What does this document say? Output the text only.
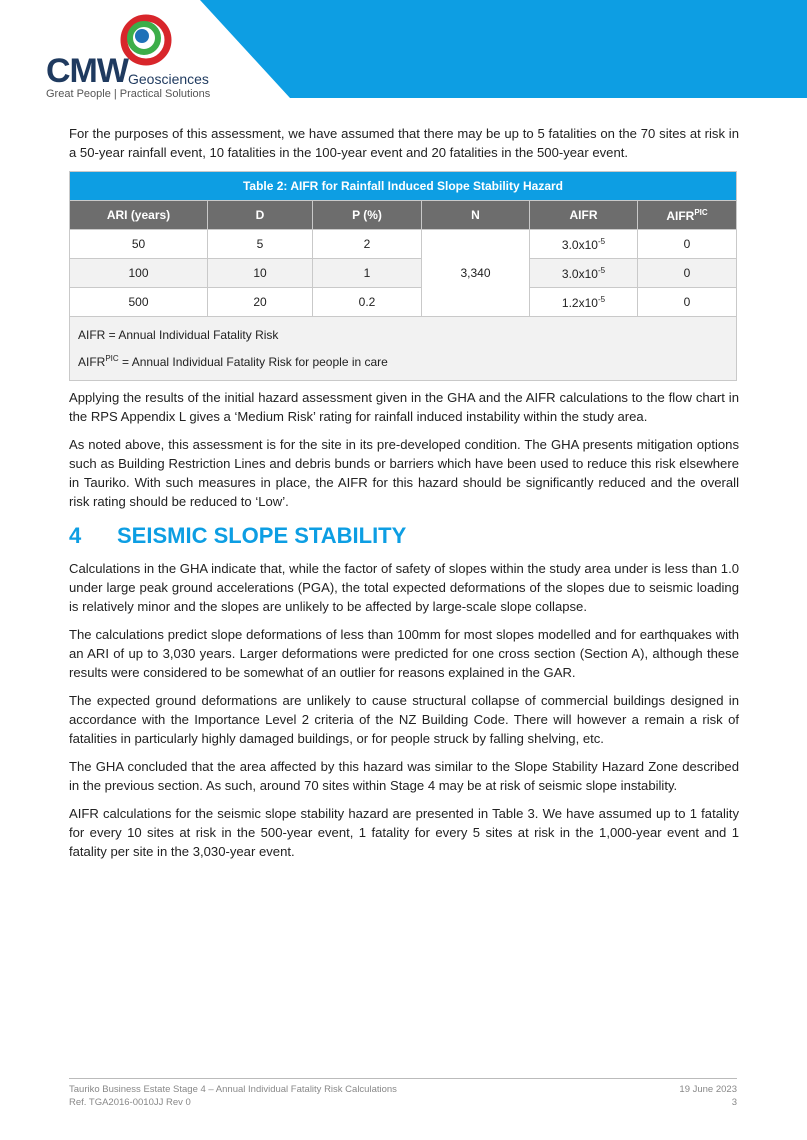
CMW Geosciences
Great People | Practical Solutions

For the purposes of this assessment, we have assumed that there may be up to 5 fatalities on the 70 sites at risk in a 50-year rainfall event, 10 fatalities in the 100-year event and 20 fatalities in the 500-year event.

Table 2: AIFR for Rainfall Induced Slope Stability Hazard					
ARI (years)	D	P (%)	N	AIFR	$AIFR^{PIC}$
50	5	2	3,340	$3.0x10^{-5}$	0
100	10	1		$3.0x10^{-5}$	0
500	20	0.2		$1.2x10^{-5}$	0

AIFR = Annual Individual Fatality Risk
$AIFR^{PIC}$ = Annual Individual Fatality Risk for people in care					

Applying the results of the initial hazard assessment given in the GHA and the AIFR calculations to the flow chart in the RPS Appendix L gives a ‘Medium Risk’ rating for rainfall induced instability within the study area.

As noted above, this assessment is for the site in its pre-developed condition. The GHA presents mitigation options such as Building Restriction Lines and debris bunds or barriers which have been used to reduce this risk elsewhere in Tauriko. With such measures in place, the AIFR for this hazard should be significantly reduced and the overall risk rating should be reduced to ‘Low’.

4	SEISMIC SLOPE STABILITY

Calculations in the GHA indicate that, while the factor of safety of slopes within the study area under is less than 1.0 under large peak ground accelerations (PGA), the total expected deformations of the slopes due to seismic loading is relatively minor and the slopes are unlikely to be affected by large-scale slope collapse.

The calculations predict slope deformations of less than 100mm for most slopes modelled and for earthquakes with an ARI of up to 3,030 years. Larger deformations were predicted for one cross section (Section A), although these results were considered to be somewhat of an outlier for reasons explained in the GAR.

The expected ground deformations are unlikely to cause structural collapse of commercial buildings designed in accordance with the Importance Level 2 criteria of the NZ Building Code. There will however a remain a risk of fatalities in particularly highly damaged buildings, or for people struck by falling shelving, etc.

The GHA concluded that the area affected by this hazard was similar to the Slope Stability Hazard Zone described in the previous section. As such, around 70 sites within Stage 4 may be at risk of seismic slope instability.

AIFR calculations for the seismic slope stability hazard are presented in Table 3. We have assumed up to 1 fatality for every 10 sites at risk in the 500-year event, 1 fatality for every 5 sites at risk in the 1,000-year event and 1 fatality per site in the 3,030-year event.

Tauriko Business Estate Stage 4 – Annual Individual Fatality Risk Calculations
Ref. TGA2016-0010JJ Rev 0
19 June 2023
3
